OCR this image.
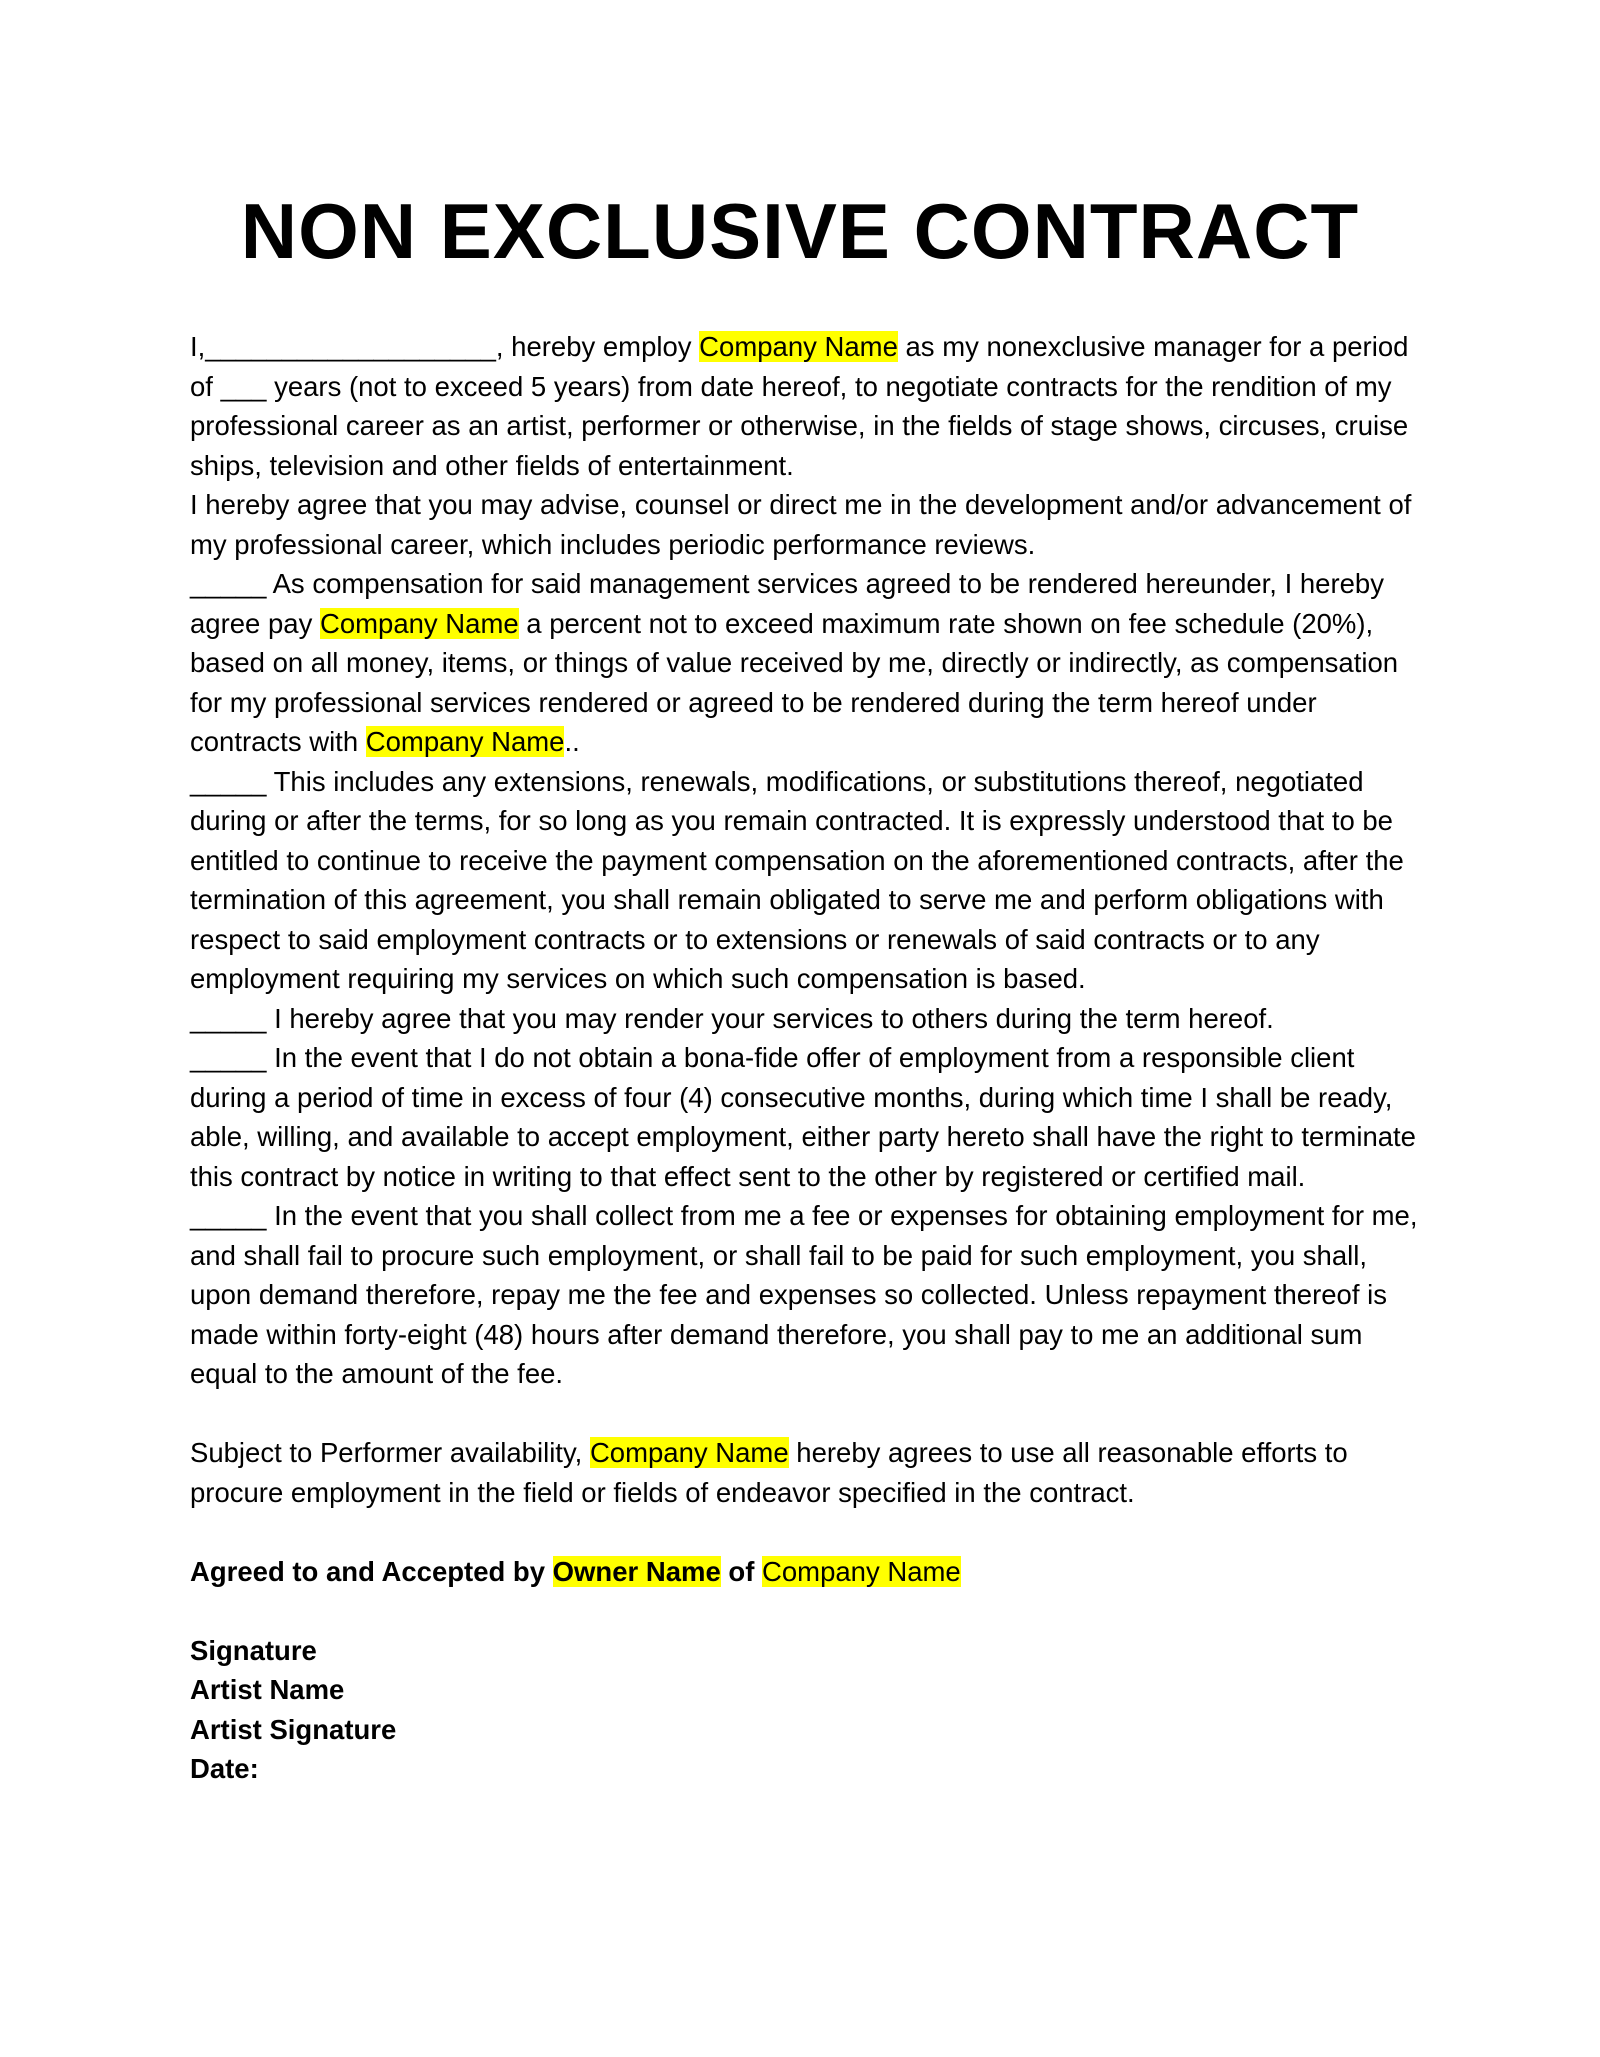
NON EXCLUSIVE CONTRACT

I,___________________, hereby employ Company Name as my nonexclusive manager for a period of ___ years (not to exceed 5 years) from date hereof, to negotiate contracts for the rendition of my professional career as an artist, performer or otherwise, in the fields of stage shows, circuses, cruise ships, television and other fields of entertainment.

I hereby agree that you may advise, counsel or direct me in the development and/or advancement of my professional career, which includes periodic performance reviews.

_____ As compensation for said management services agreed to be rendered hereunder, I hereby agree pay Company Name a percent not to exceed maximum rate shown on fee schedule (20%), based on all money, items, or things of value received by me, directly or indirectly, as compensation for my professional services rendered or agreed to be rendered during the term hereof under contracts with Company Name..

_____ This includes any extensions, renewals, modifications, or substitutions thereof, negotiated during or after the terms, for so long as you remain contracted. It is expressly understood that to be entitled to continue to receive the payment compensation on the aforementioned contracts, after the termination of this agreement, you shall remain obligated to serve me and perform obligations with respect to said employment contracts or to extensions or renewals of said contracts or to any employment requiring my services on which such compensation is based.

_____ I hereby agree that you may render your services to others during the term hereof.

_____ In the event that I do not obtain a bona-fide offer of employment from a responsible client during a period of time in excess of four (4) consecutive months, during which time I shall be ready, able, willing, and available to accept employment, either party hereto shall have the right to terminate this contract by notice in writing to that effect sent to the other by registered or certified mail.

_____ In the event that you shall collect from me a fee or expenses for obtaining employment for me, and shall fail to procure such employment, or shall fail to be paid for such employment, you shall, upon demand therefore, repay me the fee and expenses so collected. Unless repayment thereof is made within forty-eight (48) hours after demand therefore, you shall pay to me an additional sum equal to the amount of the fee.

Subject to Performer availability, Company Name hereby agrees to use all reasonable efforts to procure employment in the field or fields of endeavor specified in the contract.

Agreed to and Accepted by Owner Name of Company Name

Signature

Artist Name

Artist Signature

Date:
